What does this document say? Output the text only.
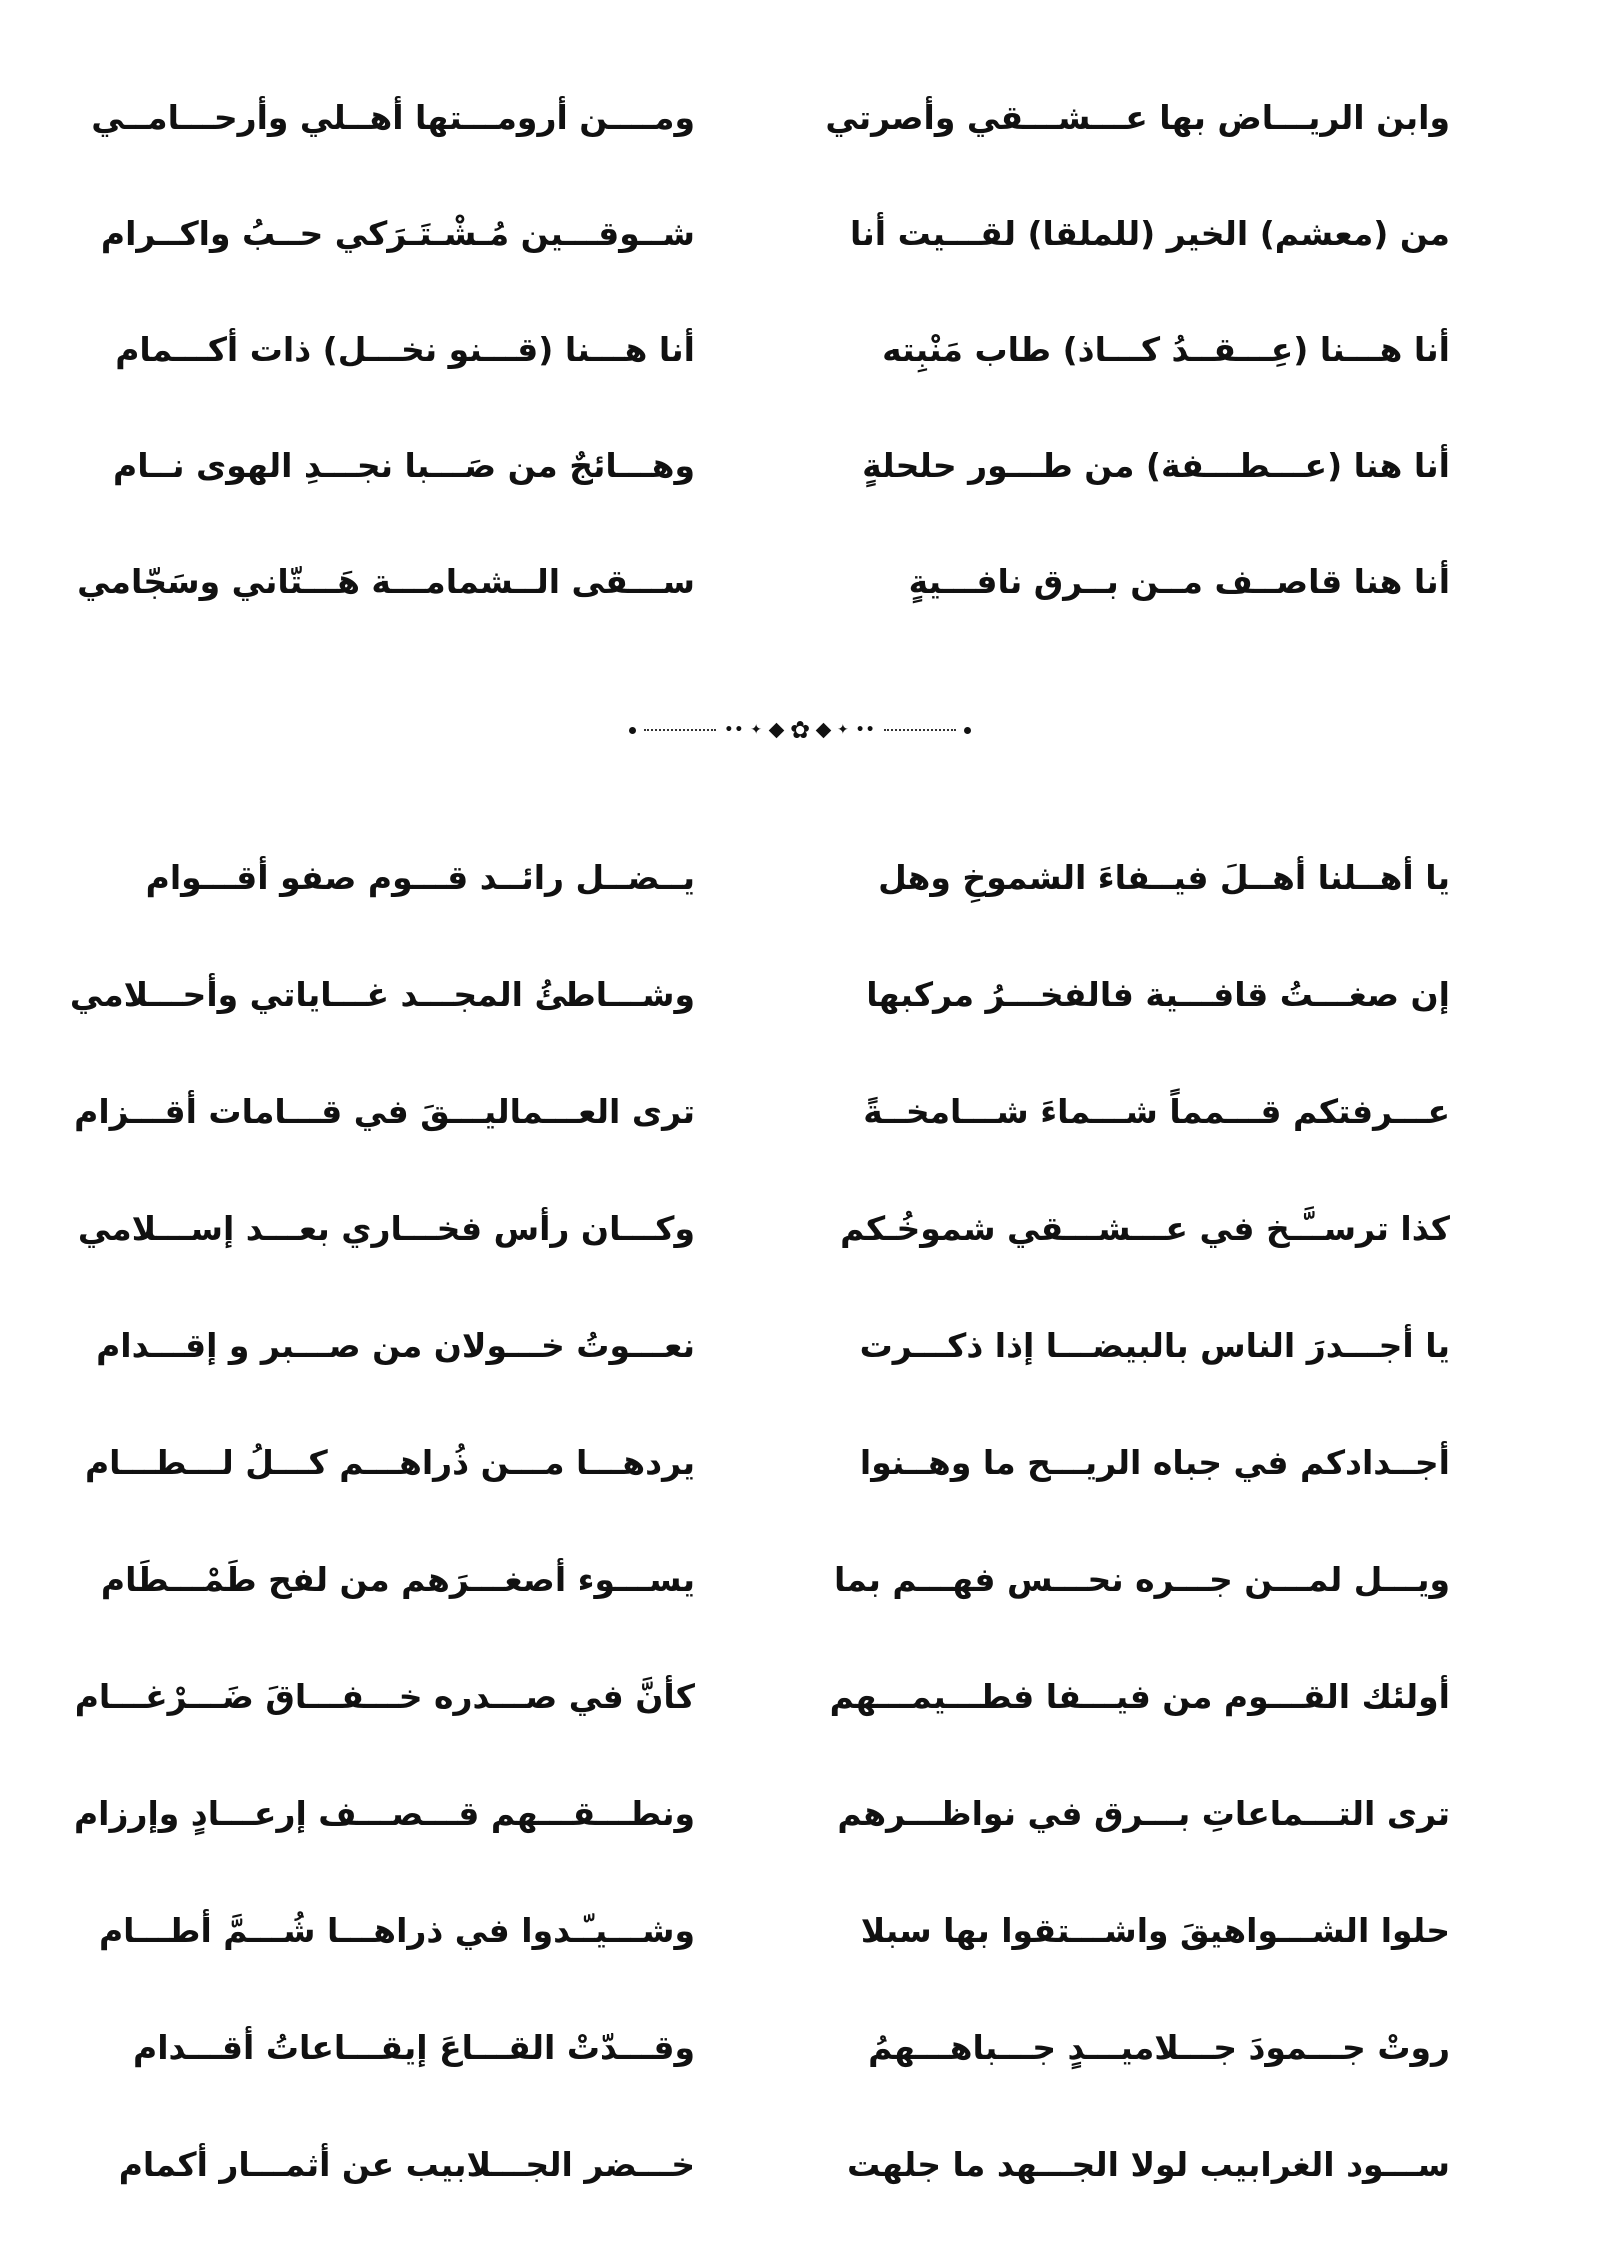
وابن الريـــاض بها عـــشـــقي وأصرتي
ومــــن أرومـــتها أهــلي وأرحـــامــي
من (معشم) الخير (للملقا) لقـــيت أنا
شــوقـــين مُـشْـتَـرَكي حــبُ واكــرام
أنا هـــنا (عِـــقــدُ كـــاذ) طاب مَنْبِته
أنا هـــنا (قـــنو نخـــل) ذات أكـــمام
أنا هنا (عـــطـــفة) من طـــور حلحلةٍ
وهـــائجٌ من صَـــبا نجـــدِ الهوى نــام
أنا هنا قاصــف مــن بــرق نافـــيةٍ
ســـقى الــشمامـــة هَـــتّاني وسَجّامي
•• ✦ ✿ ✦ ••
يا أهــلنا أهــلَ فيــفاءَ الشموخِ وهل
يــضــل رائــد قـــوم صفو أقـــوام
إن صغـــتُ قافـــية فالفخـــرُ مركبها
وشـــاطئُ المجـــد غـــاياتي وأحـــلامي
عـــرفتكم قـــمماً شـــماءَ شـــامخــةً
ترى العـــماليـــقَ في قـــامات أقـــزام
كذا ترســَّـخ في عـــشـــقي شموخُـكم
وكـــان رأس فخـــاري بعـــد إســـلامي
يا أجـــدرَ الناس بالبيضـــا إذا ذكـــرت
نعـــوتُ خـــولان من صـــبر و إقـــدام
أجــدادكم في جباه الريـــح ما وهــنوا
يردهـــا مـــن ذُراهـــم كـــلُ لـــطـــام
ويـــل لمـــن جـــره نحـــس فهـــم بما
يســـوء أصغـــرَهم من لفح طَمْـــطَام
أولئك القـــوم من فيـــفا فطـــيمـــهم
كأنَّ في صـــدره خـــفـــاقَ ضَـــرْغـــام
ترى التـــماعاتِ بـــرق في نواظـــرهم
ونطـــقـــهم قـــصـــف إرعـــادٍ وإرزام
حلوا الشـــواهيقَ واشـــتقوا بها سبلا
وشـــيـّـدوا في ذراهـــا شُـــمَّ أطـــام
روتْ جـــمودَ جـــلاميـــدٍ جـــباهـــهمُ
وقـــدّتْ القـــاعَ إيقـــاعاتُ أقـــدام
ســـود الغرابيب لولا الجـــهد ما جلهت
خـــضر الجـــلابيب عن أثمـــار أكمام
